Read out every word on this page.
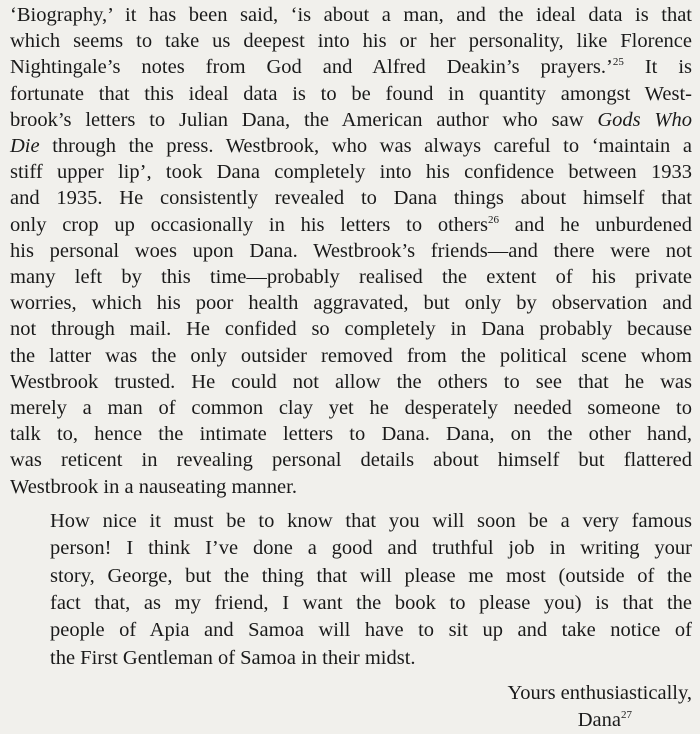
‘Biography,’ it has been said, ‘is about a man, and the ideal data is that

which seems to take us deepest into his or her personality, like Florence

Nightingale’s notes from God and Alfred Deakin’s prayers.’$^{25}$ It is

fortunate that this ideal data is to be found in quantity amongst West-

brook’s letters to Julian Dana, the American author who saw Gods Who

Die through the press. Westbrook, who was always careful to ‘maintain a

stiff upper lip’, took Dana completely into his confidence between 1933

and 1935. He consistently revealed to Dana things about himself that

only crop up occasionally in his letters to others$^{26}$ and he unburdened

his personal woes upon Dana. Westbrook’s friends—and there were not

many left by this time—probably realised the extent of his private

worries, which his poor health aggravated, but only by observation and

not through mail. He confided so completely in Dana probably because

the latter was the only outsider removed from the political scene whom

Westbrook trusted. He could not allow the others to see that he was

merely a man of common clay yet he desperately needed someone to

talk to, hence the intimate letters to Dana. Dana, on the other hand,

was reticent in revealing personal details about himself but flattered

Westbrook in a nauseating manner.

How nice it must be to know that you will soon be a very famous

person! I think I’ve done a good and truthful job in writing your

story, George, but the thing that will please me most (outside of the

fact that, as my friend, I want the book to please you) is that the

people of Apia and Samoa will have to sit up and take notice of

the First Gentleman of Samoa in their midst.

Yours enthusiastically,
Dana$^{27}$
